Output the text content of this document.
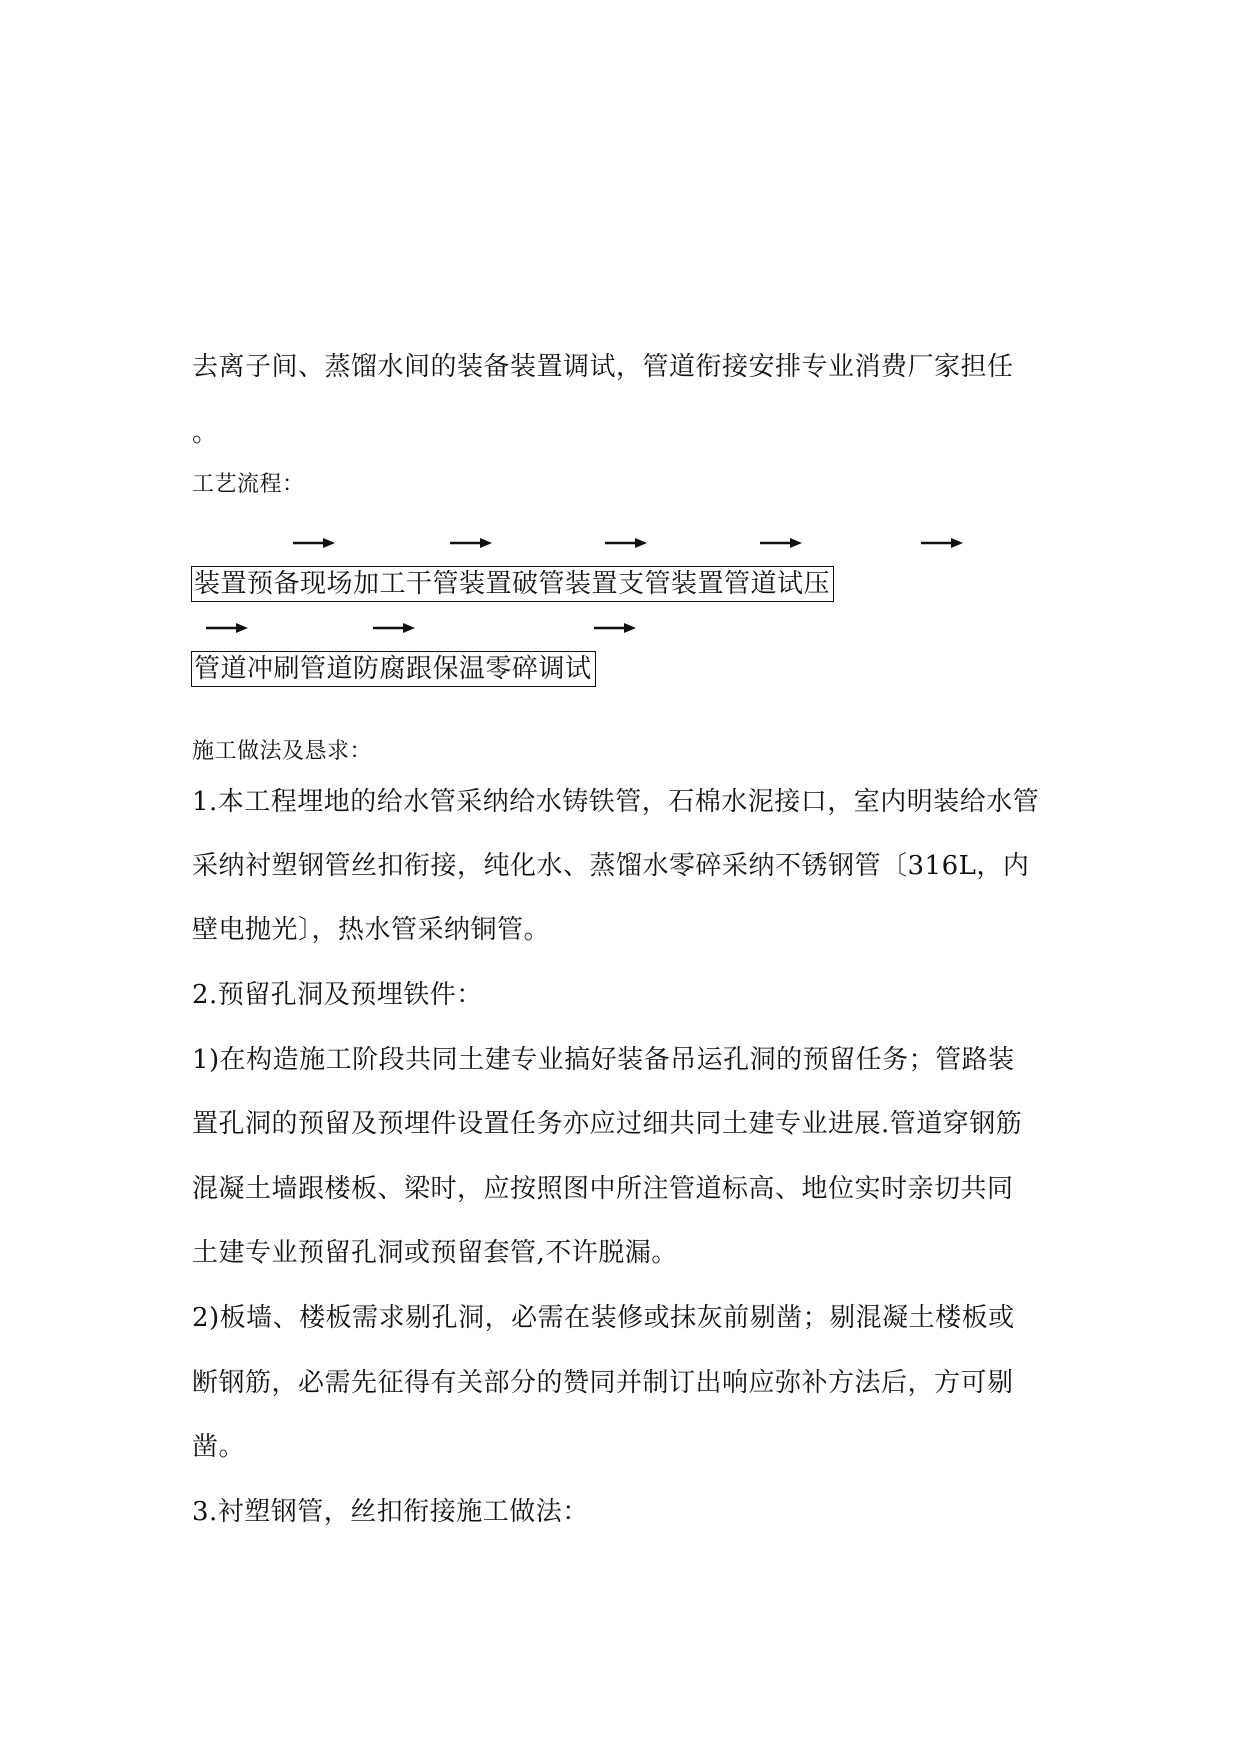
去离子间、蒸馏水间的装备装置调试，管道衔接安排专业消费厂家担任
。
工艺流程：
装置预备现场加工干管装置破管装置支管装置管道试压
管道冲刷管道防腐跟保温零碎调试
施工做法及恳求：
1.本工程埋地的给水管采纳给水铸铁管，石棉水泥接口，室内明装给水管
采纳衬塑钢管丝扣衔接，纯化水、蒸馏水零碎采纳不锈钢管〔316L，内
壁电抛光〕，热水管采纳铜管。
2.预留孔洞及预埋铁件：
1)在构造施工阶段共同土建专业搞好装备吊运孔洞的预留任务；管路装
置孔洞的预留及预埋件设置任务亦应过细共同土建专业进展.管道穿钢筋
混凝土墙跟楼板、梁时，应按照图中所注管道标高、地位实时亲切共同
土建专业预留孔洞或预留套管,不许脱漏。
2)板墙、楼板需求剔孔洞，必需在装修或抹灰前剔凿；剔混凝土楼板或
断钢筋，必需先征得有关部分的赞同并制订出响应弥补方法后，方可剔
凿。
3.衬塑钢管，丝扣衔接施工做法：
